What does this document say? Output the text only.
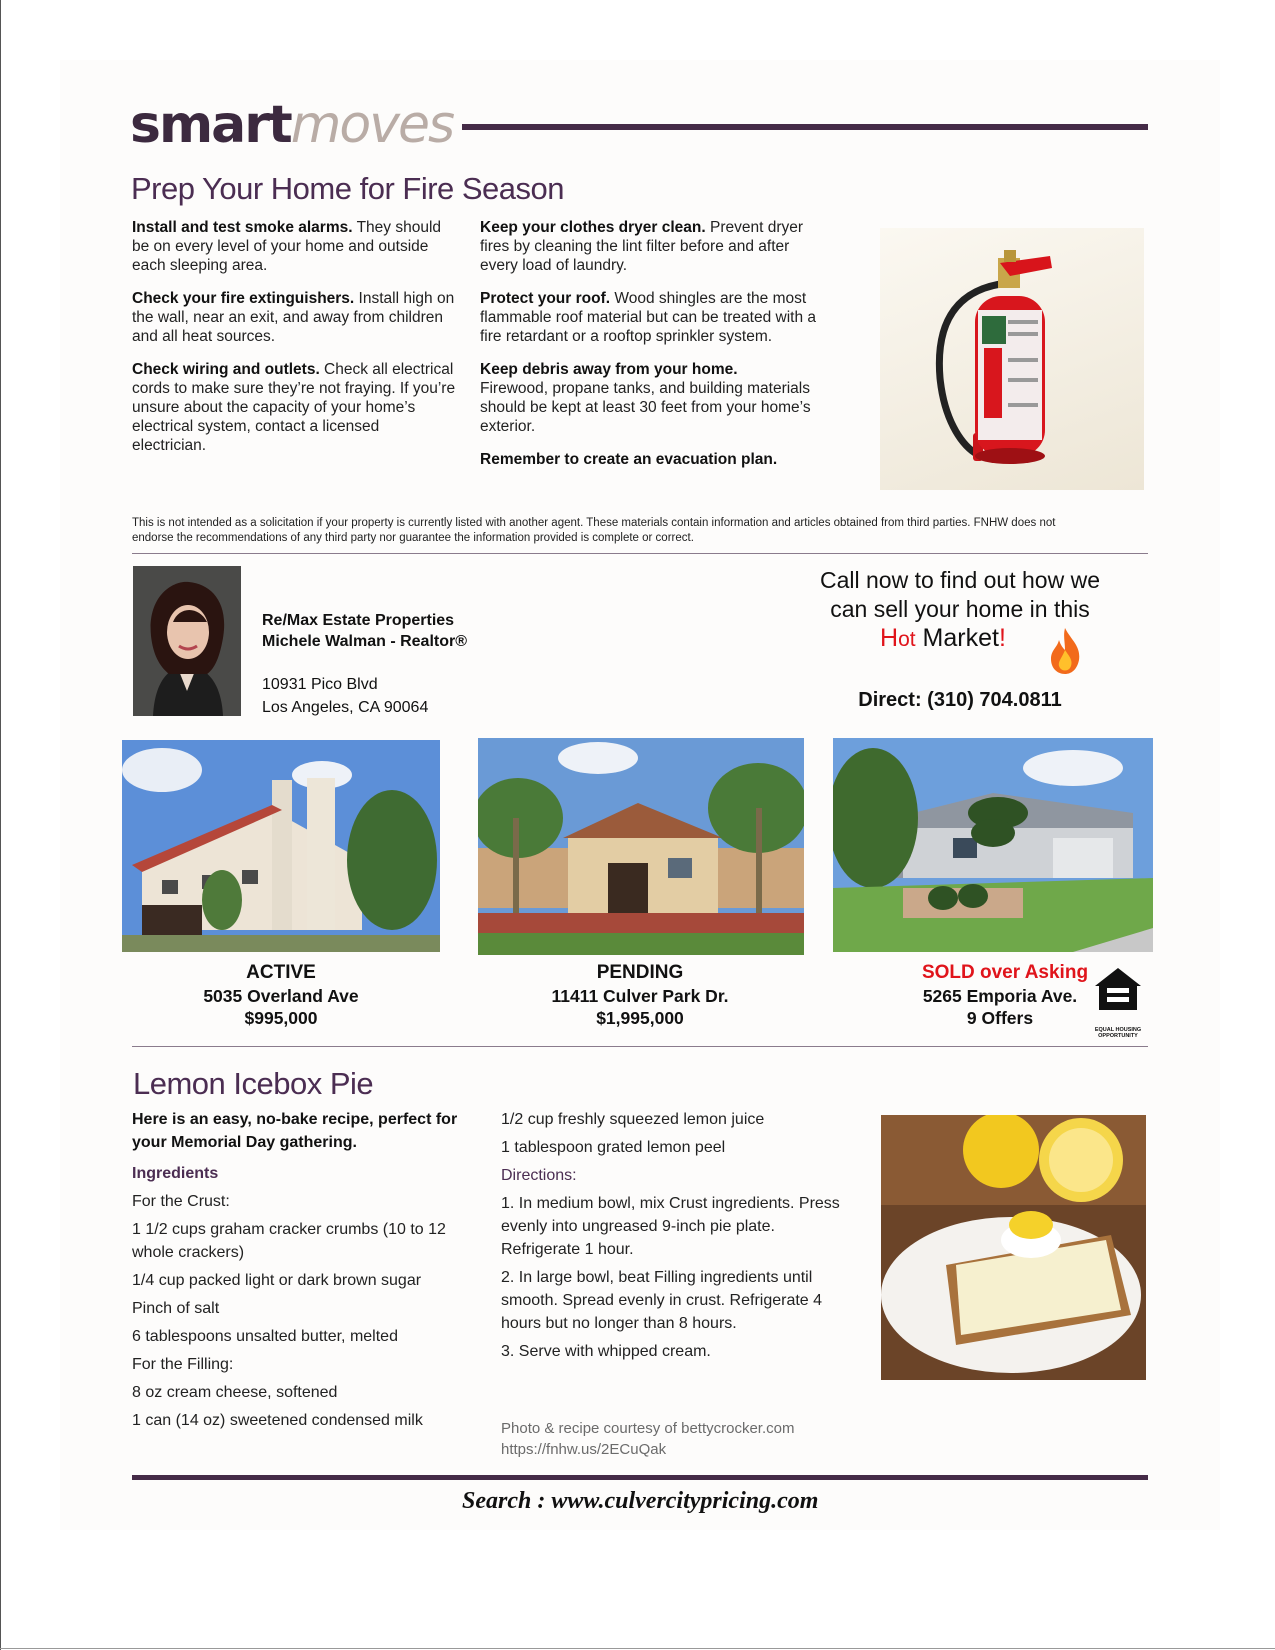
smartmoves
Prep Your Home for Fire Season

Install and test smoke alarms. They should be on every level of your home and outside each sleeping area.

Check your fire extinguishers. Install high on the wall, near an exit, and away from children and all heat sources.

Check wiring and outlets. Check all electrical cords to make sure they’re not fraying. If you’re unsure about the capacity of your home’s electrical system, contact a licensed electrician.

Keep your clothes dryer clean. Prevent dryer fires by cleaning the lint filter before and after every load of laundry.

Protect your roof. Wood shingles are the most flammable roof material but can be treated with a fire retardant or a rooftop sprinkler system.

Keep debris away from your home.
Firewood, propane tanks, and building materials should be kept at least 30 feet from your home’s exterior.

Remember to create an evacuation plan.

This is not intended as a solicitation if your property is currently listed with another agent. These materials contain information and articles obtained from third parties. FNHW does not endorse the recommendations of any third party nor guarantee the information provided is complete or correct.
Re/Max Estate Properties
Michele Walman - Realtor®
10931 Pico Blvd
Los Angeles, CA 90064
Call now to find out how we
can sell your home in this
Hot Market!
Direct: (310) 704.0811
ACTIVE
5035 Overland Ave
$995,000
PENDING
11411 Culver Park Dr.
$1,995,000
SOLD over Asking
5265 Emporia Ave.
9 Offers
EQUAL HOUSING OPPORTUNITY
Lemon Icebox Pie
Here is an easy, no-bake recipe, perfect for your Memorial Day gathering.
Ingredients
For the Crust:
1 1/2 cups graham cracker crumbs (10 to 12 whole crackers)
1/4 cup packed light or dark brown sugar
Pinch of salt
6 tablespoons unsalted butter, melted
For the Filling:
8 oz cream cheese, softened
1 can (14 oz) sweetened condensed milk
1/2 cup freshly squeezed lemon juice
1 tablespoon grated lemon peel
Directions:
1. In medium bowl, mix Crust ingredients. Press evenly into ungreased 9-inch pie plate. Refrigerate 1 hour.
2. In large bowl, beat Filling ingredients until smooth. Spread evenly in crust. Refrigerate 4 hours but no longer than 8 hours.
3. Serve with whipped cream.
Photo & recipe courtesy of bettycrocker.com
https://fnhw.us/2ECuQak
Search : www.culvercitypricing.com
